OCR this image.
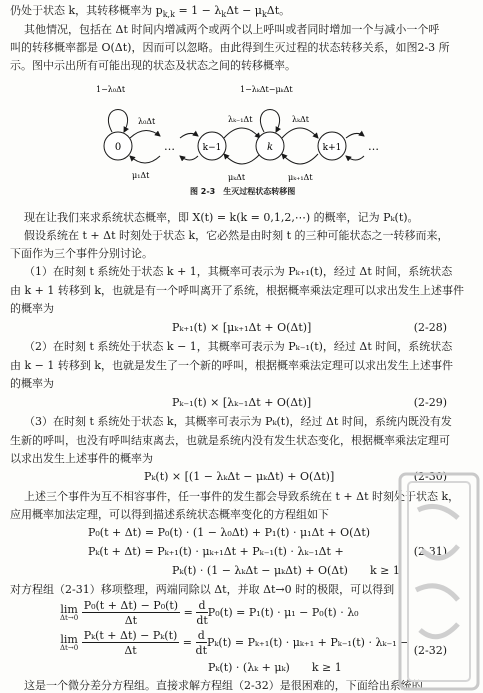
仍处于状态 k，其转移概率为 $p_{k,k} = 1 - \lambda_k\Delta t - \mu_k\Delta t$。
其他情况，包括在 Δt 时间内增减两个或两个以上呼叫或者同时增加一个与减小一个呼
叫的转移概率都是 O(Δt)，因而可以忽略。由此得到生灭过程的状态转移关系，如图2-3 所
示。图中示出所有可能出现的状态及状态之间的转移概率。
1−λ₀Δt
0
λ₀Δt
μ₁Δt
…	k−1
λₖ₋₁Δt
μₖΔt
1−λₖΔt−μₖΔt
k
λₖΔt
μₖ₊₁Δt
k+1 …
图 2-3　生灭过程状态转移图
现在让我们来求系统状态概率，即 X(t) = k(k = 0,1,2,⋯) 的概率，记为 Pₖ(t)。
假设系统在 t + Δt 时刻处于状态 k，它必然是由时刻 t 的三种可能状态之一转移而来，
下面作为三个事件分别讨论。
（1）在时刻 t 系统处于状态 k + 1，其概率可表示为 Pₖ₊₁(t)，经过 Δt 时间，系统状态
由 k + 1 转移到 k，也就是有一个呼叫离开了系统，根据概率乘法定理可以求出发生上述事件
的概率为
Pₖ₊₁(t) × [μₖ₊₁Δt + O(Δt)]	(2-28)
（2）在时刻 t 系统处于状态 k − 1，其概率可表示为 Pₖ₋₁(t)，经过 Δt 时间，系统状态
由 k − 1 转移到 k，也就是发生了一个新的呼叫，根据概率乘法定理可以求出发生上述事件
的概率为
Pₖ₋₁(t) × [λₖ₋₁Δt + O(Δt)]	(2-29)
（3）在时刻 t 系统处于状态 k，其概率可表示为 Pₖ(t)，经过 Δt 时间，系统内既没有发
生新的呼叫，也没有呼叫结束离去，也就是系统内没有发生状态变化，根据概率乘法定理可
以求出发生上述事件的概率为
Pₖ(t) × [(1 − λₖΔt − μₖΔt) + O(Δt)]	(2-30)
上述三个事件为互不相容事件，任一事件的发生都会导致系统在 t + Δt 时刻处于状态 k，
应用概率加法定理，可以得到描述系统状态概率变化的方程组如下
P₀(t + Δt) = P₀(t) · (1 − λ₀Δt) + P₁(t) · μ₁Δt + O(Δt)
Pₖ(t + Δt) = Pₖ₊₁(t) · μₖ₊₁Δt + Pₖ₋₁(t) · λₖ₋₁Δt +
Pₖ(t) · (1 − λₖΔt − μₖΔt) + O(Δt)　　k ≥ 1
(2-31)
对方程组（2-31）移项整理，两端同除以 Δt，并取 Δt→0 时的极限，可以得到
lim
Δt→0
$\frac{\text{P₀(t + Δt) − P₀(t)}}{\Delta t} = \frac{d}{dt} P_0(t) = P_1(t) \cdot \mu_1 - P_0(t) \cdot \lambda_0$
lim
Δt→0
$\frac{\text{Pₖ(t + Δt) − Pₖ(t)}}{\Delta t} = \frac{d}{dt} P_k(t) = P_{k+1}(t) \cdot \mu_{k+1} + P_{k-1}(t) \cdot \lambda_{k-1}$ −
Pₖ(t) · (λₖ + μₖ)　　k ≥ 1
(2-32)
这是一个微分差分方程组。直接求解方程组（2-32）是很困难的，下面给出系统的
